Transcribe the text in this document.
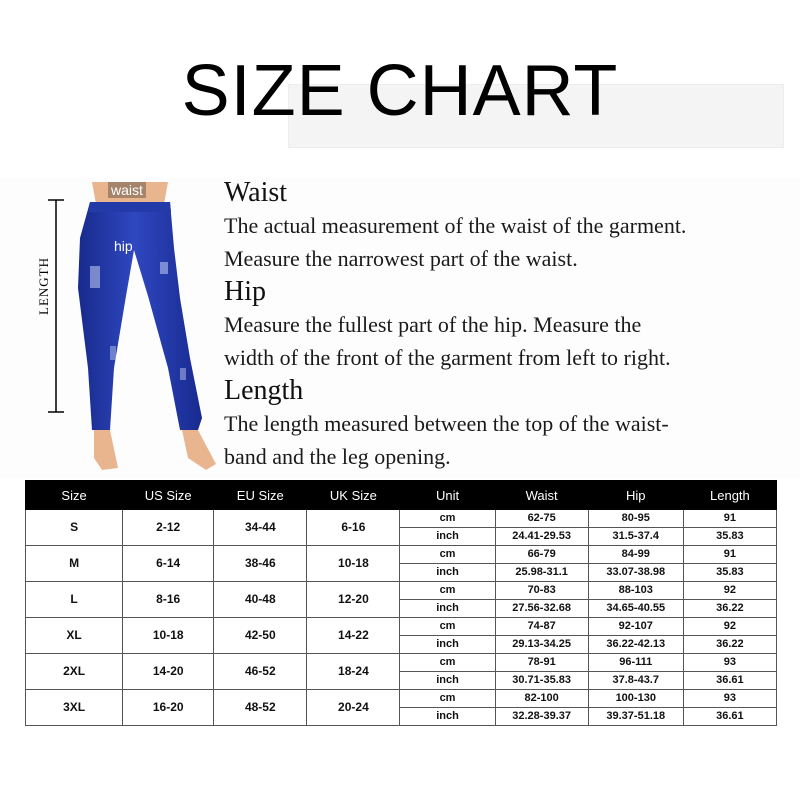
SIZE CHART
waist
hip
LENGTH
Waist

The actual measurement of the waist of the garment.

Measure the narrowest part of the waist.

Hip

Measure the fullest part of the hip. Measure the

width of the front of the garment from left to right.

Length

The length measured between the top of the waist-

band and the leg opening.

Size	US Size	EU Size	UK Size	Unit	Waist	Hip	Length
S	2-12	34-44	6-16	cm	62-75	80-95	91
				inch	24.41-29.53	31.5-37.4	35.83
M	6-14	38-46	10-18	cm	66-79	84-99	91
				inch	25.98-31.1	33.07-38.98	35.83
L	8-16	40-48	12-20	cm	70-83	88-103	92
				inch	27.56-32.68	34.65-40.55	36.22
XL	10-18	42-50	14-22	cm	74-87	92-107	92
				inch	29.13-34.25	36.22-42.13	36.22
2XL	14-20	46-52	18-24	cm	78-91	96-111	93
				inch	30.71-35.83	37.8-43.7	36.61
3XL	16-20	48-52	20-24	cm	82-100	100-130	93
				inch	32.28-39.37	39.37-51.18	36.61
